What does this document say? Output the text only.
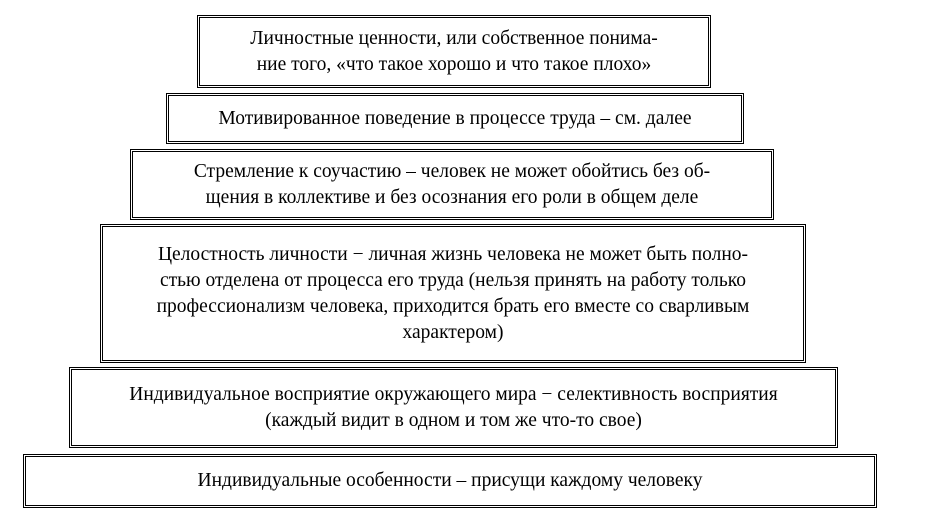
Личностные ценности, или собственное понима-
ние того, «что такое хорошо и что такое плохо»
Мотивированное поведение в процессе труда – см. далее
Стремление к соучастию – человек не может обойтись без об-
щения в коллективе и без осознания его роли в общем деле
Целостность личности − личная жизнь человека не может быть полно-
стью отделена от процесса его труда (нельзя принять на работу только
профессионализм человека, приходится брать его вместе со сварливым
характером)
Индивидуальное восприятие окружающего мира − селективность восприятия
(каждый видит в одном и том же что-то свое)
Индивидуальные особенности – присущи каждому человеку
